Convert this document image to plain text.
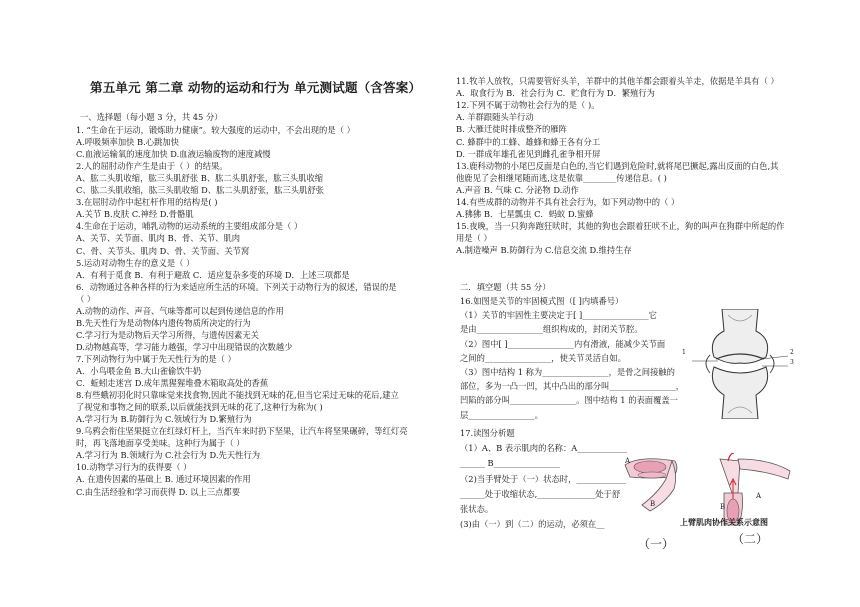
第五单元 第二章 动物的运动和行为 单元测试题（含答案）
一、选择题（每小题 3 分，共 45 分）
1. “生命在于运动，锻炼助力健康”。较大强度的运动中，不会出现的是（ ）
A.呼吸频率加快 B.心跳加快
C.血液运输氧的速度加快 D.血液运输废物的速度减慢
2.人的屈肘动作产生是由于（ ）的结果。
A、肱二头肌收缩，肱三头肌舒张 B、肱二头肌舒张，肱三头肌收缩
C、肱二头肌收缩，肱三头肌收缩 D、肱二头肌舒张，肱三头肌舒张
3.在屈肘动作中起杠杆作用的结构是( )
A.关节 B.皮肤 C.神经 D.骨骼肌
4.生命在于运动，哺乳动物的运动系统的主要组成部分是（ ）
A、关节、关节面、肌肉 B、骨、关节、肌肉
C、骨、关节头、肌肉 D、骨、关节面、关节窝
5.运动对动物生存的意义是（ ）
A．有利于觅食 B．有利于避敌 C．适应复杂多变的环境 D．上述三项都是
6．动物通过各种各样的行为来适应所生活的环境。下列关于动物行为的叙述，错误的是
（ ）
A.动物的动作、声音、气味等都可以起到传递信息的作用
B.先天性行为是动物体内遗传物质所决定的行为
C.学习行为是动物后天学习所得，与遗传因素无关
D.动物越高等，学习能力越强，学习中出现错误的次数越少
7.下列动物行为中属于先天性行为的是（ ）
A．小鸟喂金鱼 B.大山雀偷饮牛奶
C．蚯蚓走迷宫 D.成年黑猩猩堆叠木箱取高处的香蕉
8.有些蛾初羽化时只靠味觉来找食物,因此不能找到无味的花,但当它采过无味的花后,建立
了视觉和事物之间的联系,以后就能找到无味的花了,这种行为称为( )
A.学习行为 B.防御行为 C.领域行为 D.繁殖行为
9.乌鸦会衔住坚果挺立在红绿灯杆上，当汽车来时扔下坚果，让汽车将坚果碾碎，等红灯亮
时，再飞落地面享受美味。这种行为属于（ ）
A.学习行为 B.领域行为 C.社会行为 D.先天性行为
10.动物学习行为的获得要（ ）
A. 在遗传因素的基础上 B. 通过环境因素的作用
C.由生活经验和学习而获得 D. 以上三点都要
11.牧羊人放牧，只需要管好头羊，羊群中的其他羊都会跟着头羊走，依据是羊具有（ ）
A．取食行为 B．社会行为 C．贮食行为 D．繁殖行为
12.下列不属于动物社会行为的是（ )。
A. 羊群跟随头羊行动
B. 大雁迁徙时排成整齐的雁阵
C. 蜂群中的工蜂、雄蜂和蜂王各有分工
D. 一群成年雄孔雀见到雌孔雀争相开屏
13.鹿科动物的小尾巴反面是白色的,当它们遇到危险时,就将尾巴撅起,露出反面的白色,其
他鹿见了会相继尾随而逃,这是依靠________传递信息。( )
A.声音 B. 气味 C. 分泌物 D.动作
14.有些成群的动物并不具有社会行为，如下列动物中的（ ）
A.狒狒 B．七星瓢虫 C．蚂蚁 D.蜜蜂
15.夜晚，当一只狗奔跑狂吠时，其他的狗也会跟着狂吠不止，狗的叫声在狗群中所起的作
用是（ ）
A.制造噪声 B.防御行为 C.信息交流 D.维持生存
二．填空题（共 55 分）
16.如图是关节的牢固模式图（[ ]内填番号）
（1）关节的牢固性主要决定于[ ]________________它
是由________________组织构成的，封闭关节腔。
（2）图中[ ]________________内有滑液，能减少关节面
之间的________________，使关节灵活自如。
（3）图中结构 1 称为________________，是骨之间接触的
部位，多为一凸一凹，其中凸出的部分叫________________，
凹陷的部分叫________________。图中结构 1 的表面覆盖一
层________________。
17.读图分析题
（1）A、B 表示肌肉的名称：A____________
______ B________________
（2)当手臂处于（一）状态时，____________
______处于收缩状态,______________处于舒
张状态。
(3)由（一）到（二）的运动，必须在__
1	2
3
A
B
A
B
上臂肌肉协作关系示意图
（一）	（二）
